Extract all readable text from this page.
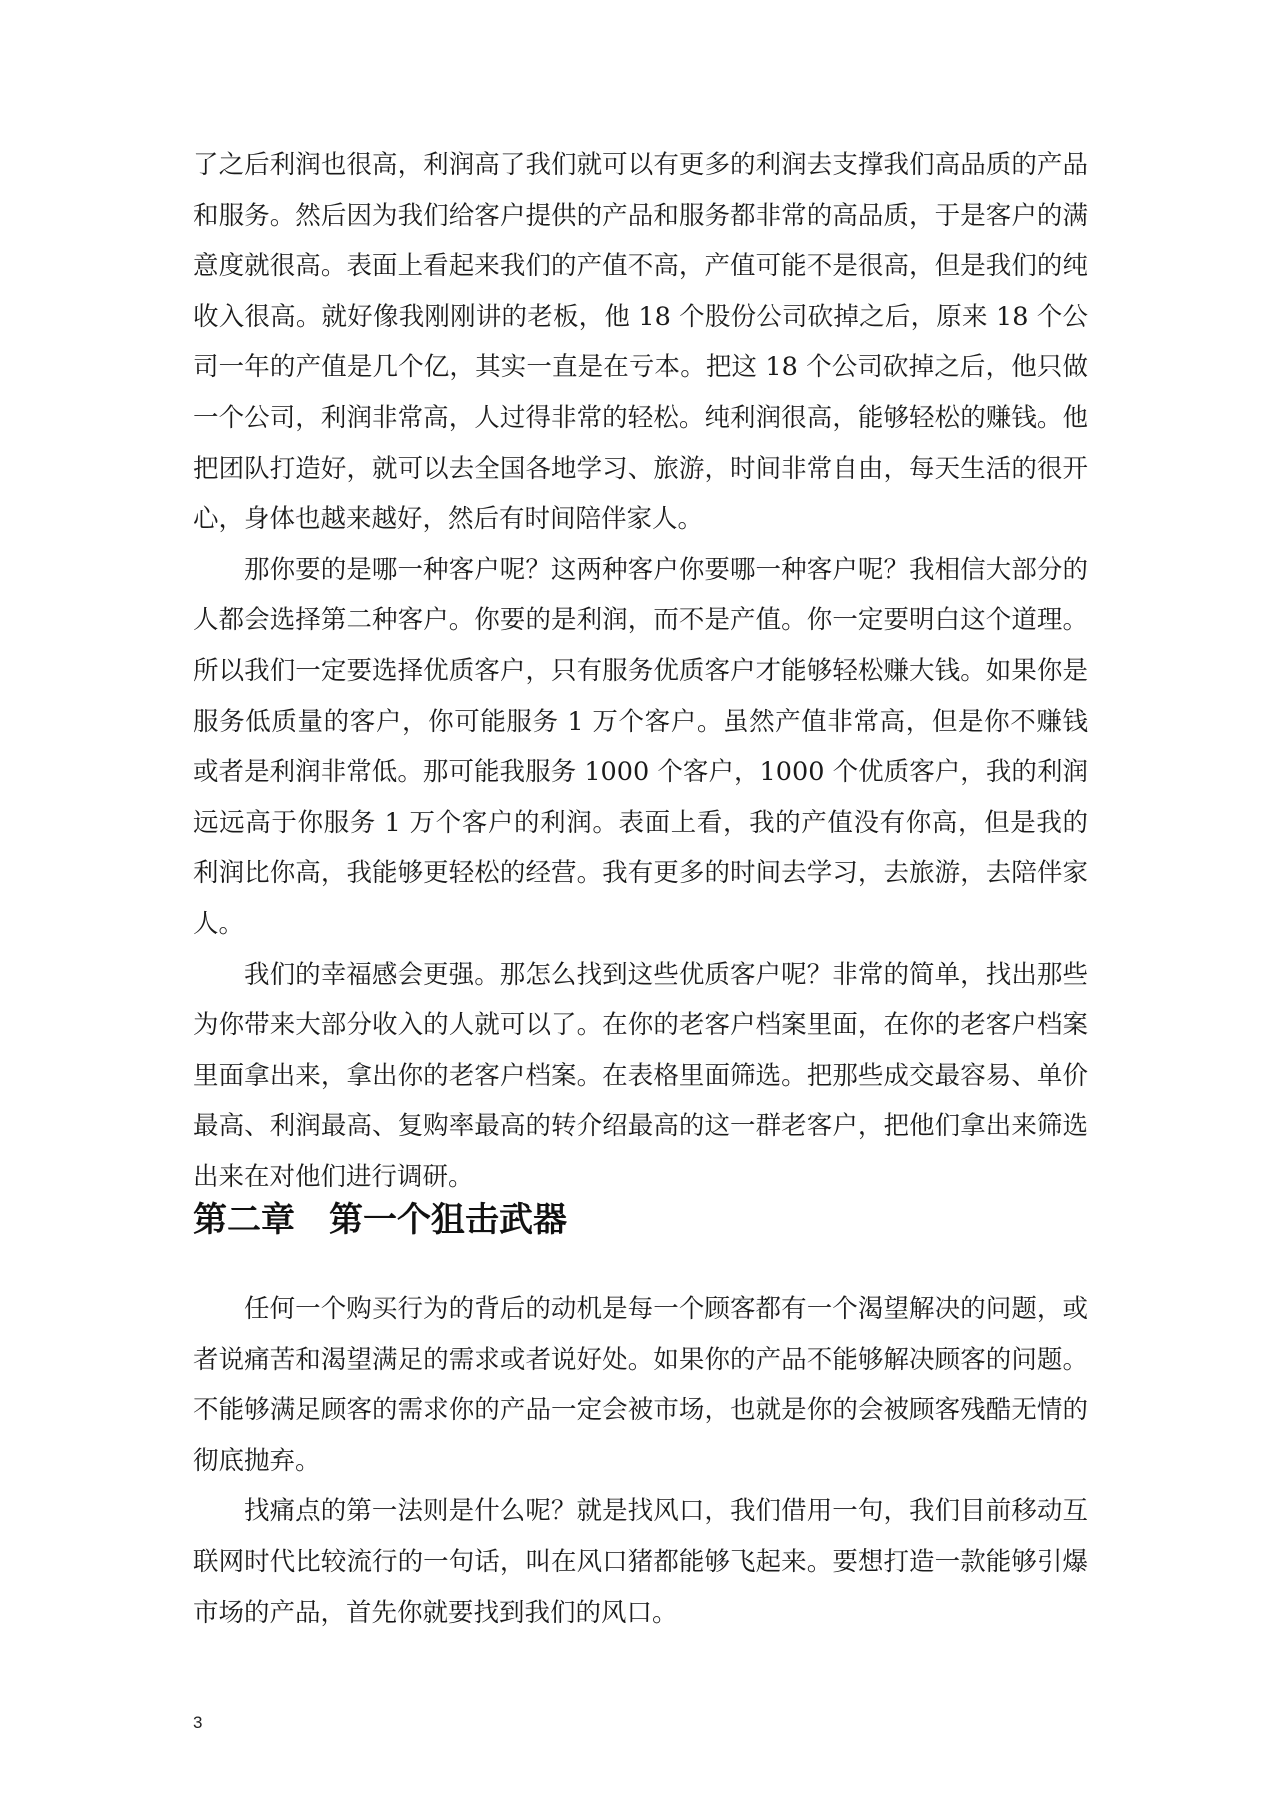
了之后利润也很高，利润高了我们就可以有更多的利润去支撑我们高品质的产品和服务。然后因为我们给客户提供的产品和服务都非常的高品质，于是客户的满意度就很高。表面上看起来我们的产值不高，产值可能不是很高，但是我们的纯收入很高。就好像我刚刚讲的老板，他 18 个股份公司砍掉之后，原来 18 个公司一年的产值是几个亿，其实一直是在亏本。把这 18 个公司砍掉之后，他只做一个公司，利润非常高，人过得非常的轻松。纯利润很高，能够轻松的赚钱。他把团队打造好，就可以去全国各地学习、旅游，时间非常自由，每天生活的很开心，身体也越来越好，然后有时间陪伴家人。

那你要的是哪一种客户呢？这两种客户你要哪一种客户呢？我相信大部分的人都会选择第二种客户。你要的是利润，而不是产值。你一定要明白这个道理。所以我们一定要选择优质客户，只有服务优质客户才能够轻松赚大钱。如果你是服务低质量的客户，你可能服务 1 万个客户。虽然产值非常高，但是你不赚钱或者是利润非常低。那可能我服务 1000 个客户，1000 个优质客户，我的利润远远高于你服务 1 万个客户的利润。表面上看，我的产值没有你高，但是我的利润比你高，我能够更轻松的经营。我有更多的时间去学习，去旅游，去陪伴家人。

我们的幸福感会更强。那怎么找到这些优质客户呢？非常的简单，找出那些为你带来大部分收入的人就可以了。在你的老客户档案里面，在你的老客户档案里面拿出来，拿出你的老客户档案。在表格里面筛选。把那些成交最容易、单价最高、利润最高、复购率最高的转介绍最高的这一群老客户，把他们拿出来筛选出来在对他们进行调研。

第二章 第一个狙击武器

任何一个购买行为的背后的动机是每一个顾客都有一个渴望解决的问题，或者说痛苦和渴望满足的需求或者说好处。如果你的产品不能够解决顾客的问题。不能够满足顾客的需求你的产品一定会被市场，也就是你的会被顾客残酷无情的彻底抛弃。

找痛点的第一法则是什么呢？就是找风口，我们借用一句，我们目前移动互联网时代比较流行的一句话，叫在风口猪都能够飞起来。要想打造一款能够引爆市场的产品，首先你就要找到我们的风口。

3
